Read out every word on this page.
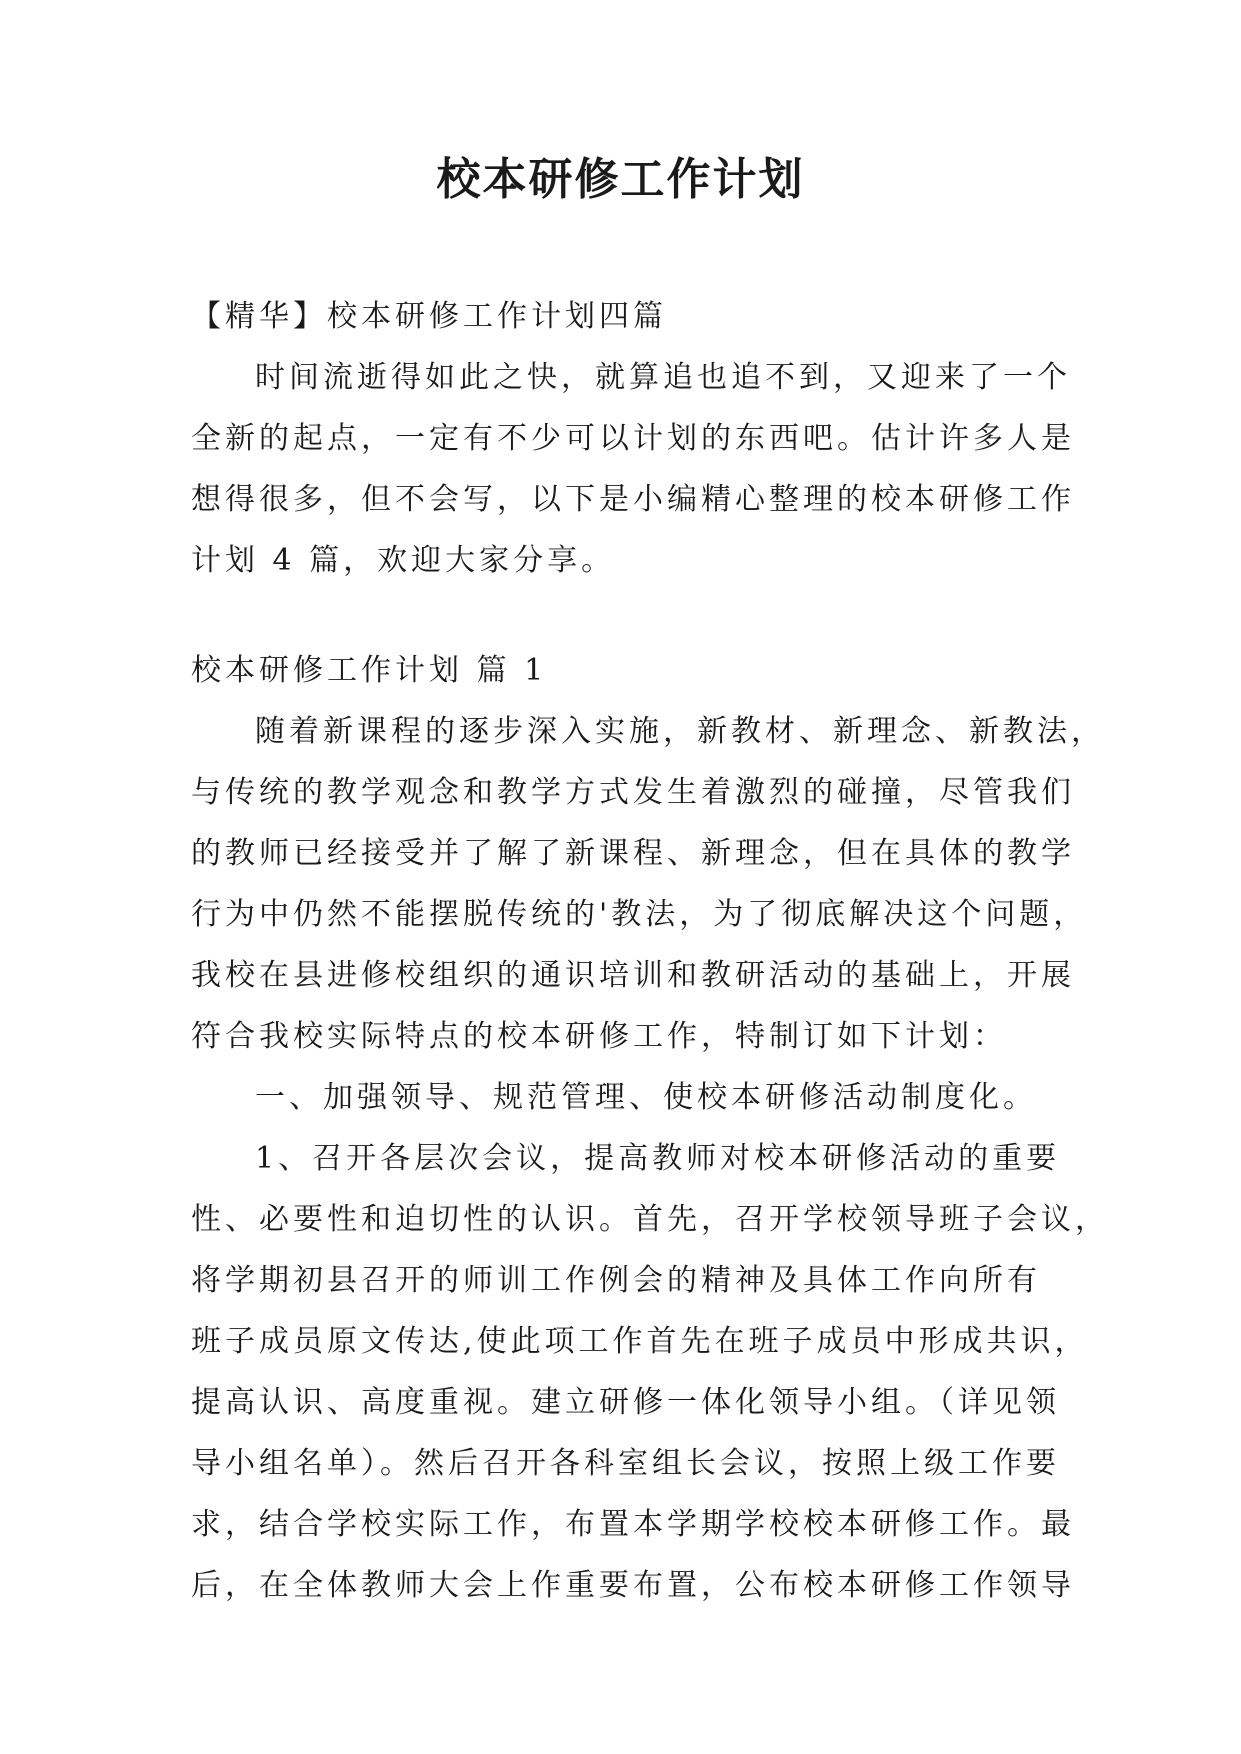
校本研修工作计划
【精华】校本研修工作计划四篇
时间流逝得如此之快，就算追也追不到，又迎来了一个
全新的起点，一定有不少可以计划的东西吧。估计许多人是
想得很多，但不会写，以下是小编精心整理的校本研修工作
计划 4 篇，欢迎大家分享。
校本研修工作计划 篇 1
随着新课程的逐步深入实施，新教材、新理念、新教法，
与传统的教学观念和教学方式发生着激烈的碰撞，尽管我们
的教师已经接受并了解了新课程、新理念，但在具体的教学
行为中仍然不能摆脱传统的'教法，为了彻底解决这个问题，
我校在县进修校组织的通识培训和教研活动的基础上，开展
符合我校实际特点的校本研修工作，特制订如下计划：
一、加强领导、规范管理、使校本研修活动制度化。
1、召开各层次会议，提高教师对校本研修活动的重要
性、必要性和迫切性的认识。首先，召开学校领导班子会议，
将学期初县召开的师训工作例会的精神及具体工作向所有
班子成员原文传达,使此项工作首先在班子成员中形成共识，
提高认识、高度重视。建立研修一体化领导小组。（详见领
导小组名单）。然后召开各科室组长会议，按照上级工作要
求，结合学校实际工作，布置本学期学校校本研修工作。最
后，在全体教师大会上作重要布置，公布校本研修工作领导
